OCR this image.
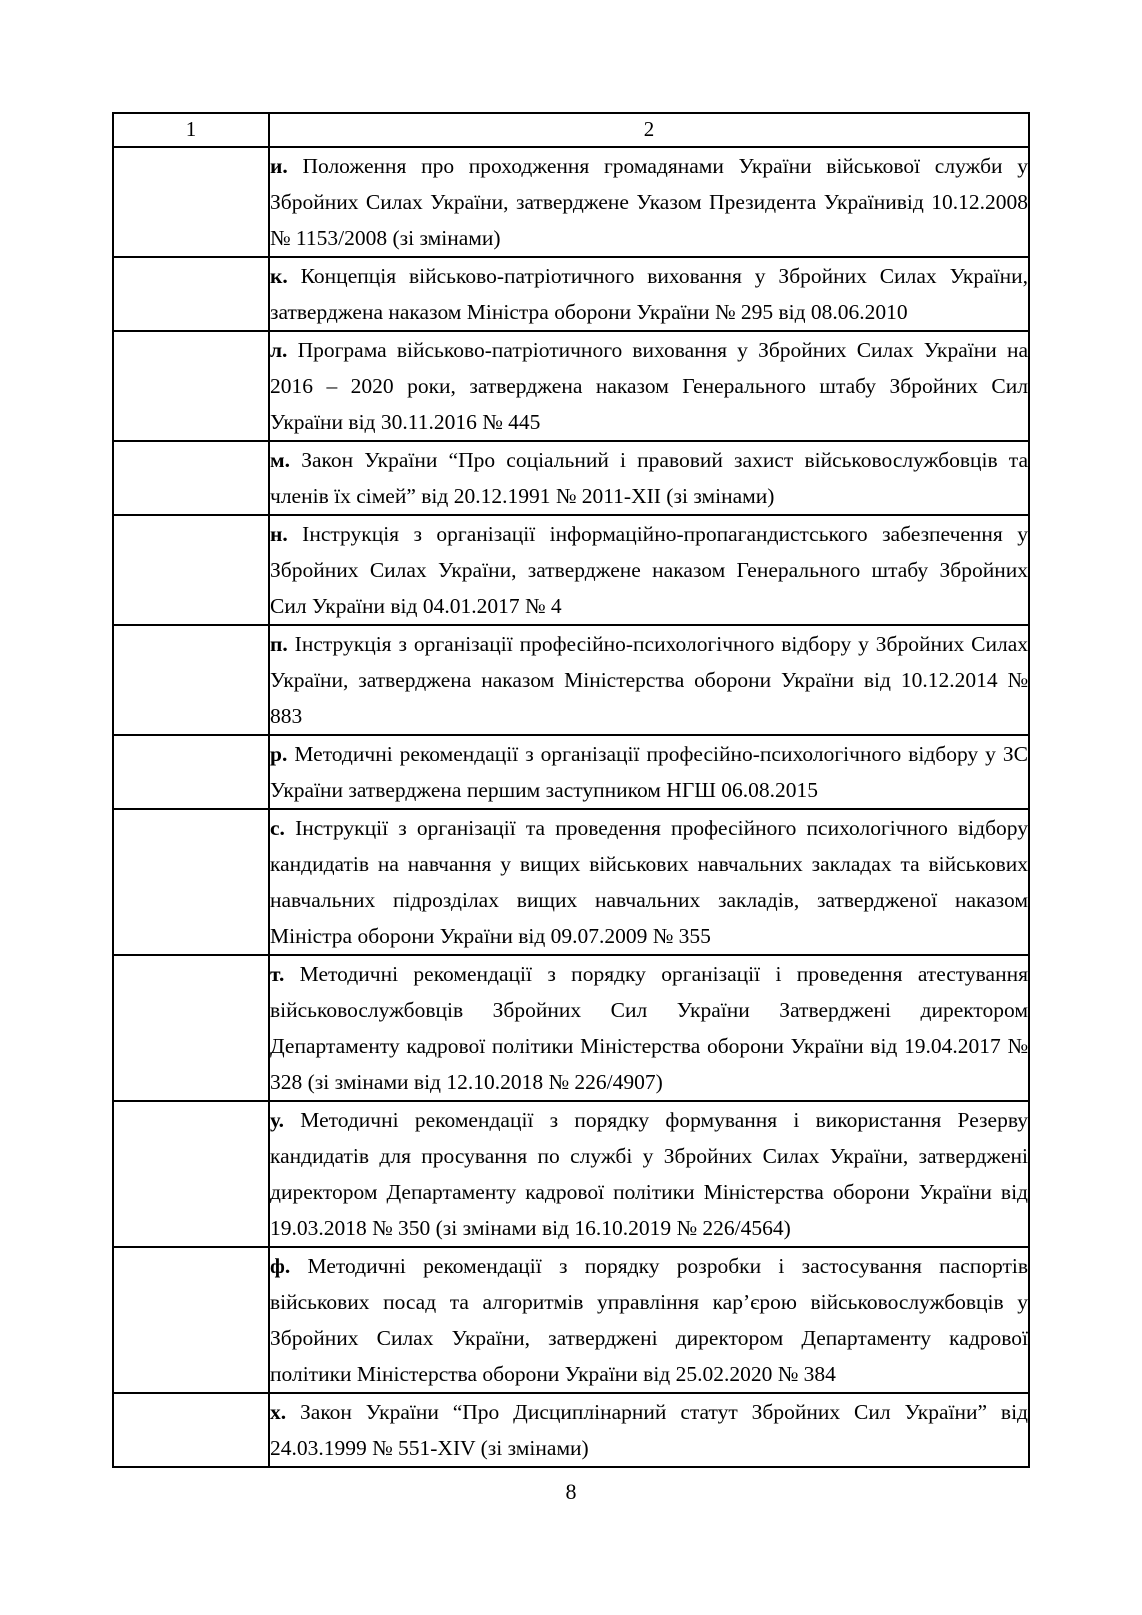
1	2

	и. Положення про проходження громадянами України військової служби у Збройних Силах України, затверджене Указом Президента Українивід 10.12.2008 № 1153/2008 (зі змінами)

	к. Концепція військово-патріотичного виховання у Збройних Силах України, затверджена наказом Міністра оборони України № 295 від 08.06.2010

	л. Програма військово-патріотичного виховання у Збройних Силах України на 2016 – 2020 роки, затверджена наказом Генерального штабу Збройних Сил України від 30.11.2016 № 445

	м. Закон України “Про соціальний і правовий захист військовослужбовців та членів їх сімей” від 20.12.1991 № 2011-XII (зі змінами)

	н. Інструкція з організації інформаційно-пропагандистського забезпечення у Збройних Силах України, затверджене наказом Генерального штабу Збройних Сил України від 04.01.2017 № 4

	п. Інструкція з організації професійно-психологічного відбору у Збройних Силах України, затверджена наказом Міністерства оборони України від 10.12.2014 № 883

	р. Методичні рекомендації з організації професійно-психологічного відбору у ЗС України затверджена першим заступником НГШ 06.08.2015

	с. Інструкції з організації та проведення професійного психологічного відбору кандидатів на навчання у вищих військових навчальних закладах та військових навчальних підрозділах вищих навчальних закладів, затвердженої наказом Міністра оборони України від 09.07.2009 № 355

	т. Методичні рекомендації з порядку організації і проведення атестування військовослужбовців Збройних Сил України Затверджені директором Департаменту кадрової політики Міністерства оборони України від 19.04.2017 № 328 (зі змінами від 12.10.2018 № 226/4907)

	у. Методичні рекомендації з порядку формування і використання Резерву кандидатів для просування по службі у Збройних Силах України, затверджені директором Департаменту кадрової політики Міністерства оборони України від 19.03.2018 № 350 (зі змінами від 16.10.2019 № 226/4564)

	ф. Методичні рекомендації з порядку розробки і застосування паспортів військових посад та алгоритмів управління кар’єрою військовослужбовців у Збройних Силах України, затверджені директором Департаменту кадрової політики Міністерства оборони України від 25.02.2020 № 384

	х. Закон України “Про Дисциплінарний статут Збройних Сил України” від 24.03.1999 № 551-XIV (зі змінами)

8
